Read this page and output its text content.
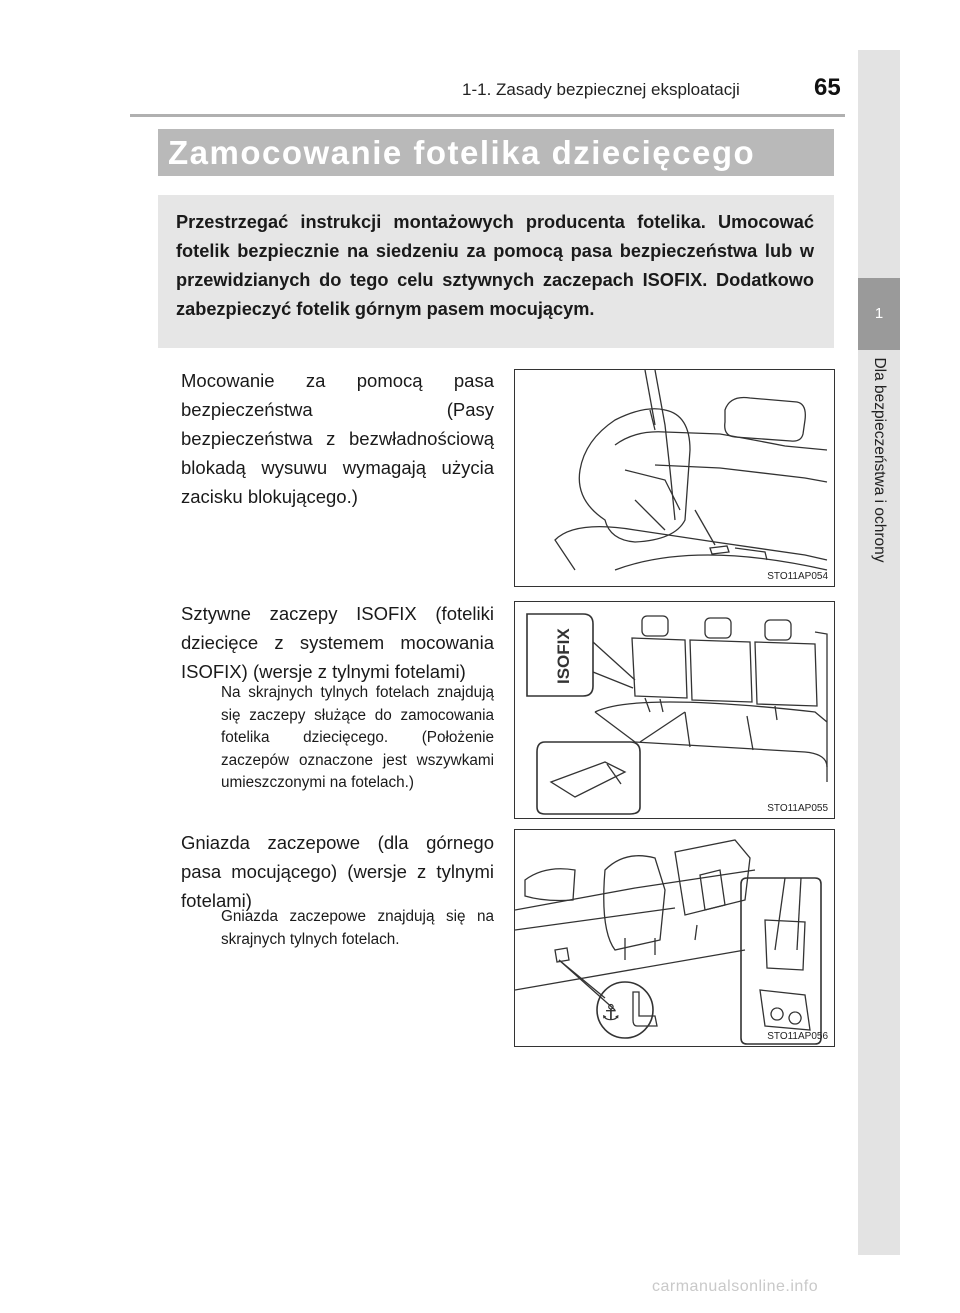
1
Dla bezpieczeństwa i ochrony
1-1. Zasady bezpiecznej eksploatacji	65
Zamocowanie fotelika dziecięcego

Przestrzegać instrukcji montażowych producenta fotelika. Umocować fotelik bezpiecznie na siedzeniu za pomocą pasa bezpieczeństwa lub w przewidzianych do tego celu sztywnych zaczepach ISOFIX. Dodatkowo zabezpieczyć fotelik górnym pasem mocującym.

Mocowanie za pomocą pasa bezpieczeństwa (Pasy bezpieczeństwa z bezwładnościową blokadą wysuwu wymagają użycia zacisku blokującego.)

STO11AP054

Sztywne zaczepy ISOFIX (foteliki dziecięce z systemem mocowania ISOFIX) (wersje z tylnymi fotelami)

Na skrajnych tylnych fotelach znajdują się zaczepy służące do zamocowania fotelika dziecięcego. (Położenie zaczepów oznaczone jest wszywkami umieszczonymi na fotelach.)

ISOFIX
STO11AP055

Gniazda zaczepowe (dla górnego pasa mocującego) (wersje z tylnymi fotelami)

Gniazda zaczepowe znajdują się na skrajnych tylnych fotelach.

⚓
STO11AP056
carmanualsonline.info
